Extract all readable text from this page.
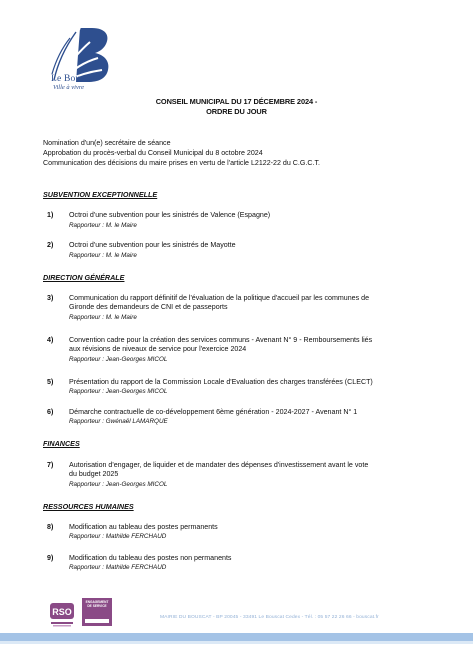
Le Bouscat
Ville à vivre
CONSEIL MUNICIPAL DU 17 DÉCEMBRE 2024 -
ORDRE DU JOUR
Nomination d'un(e) secrétaire de séance
Approbation du procès-verbal du Conseil Municipal du 8 octobre 2024
Communication des décisions du maire prises en vertu de l'article L2122-22 du C.G.C.T.
SUBVENTION EXCEPTIONNELLE
1) Octroi d'une subvention pour les sinistrés de Valence (Espagne)
Rapporteur : M. le Maire
2) Octroi d'une subvention pour les sinistrés de Mayotte
Rapporteur : M. le Maire
DIRECTION GÉNÉRALE
3) Communication du rapport définitif de l'évaluation de la politique d'accueil par les communes de
Gironde des demandeurs de CNI et de passeports
Rapporteur : M. le Maire
4) Convention cadre pour la création des services communs - Avenant N° 9 - Remboursements liés
aux révisions de niveaux de service pour l'exercice 2024
Rapporteur : Jean-Georges MICOL
5) Présentation du rapport de la Commission Locale d'Evaluation des charges transférées (CLECT)
Rapporteur : Jean-Georges MICOL
6) Démarche contractuelle de co-développement 6ème génération - 2024-2027 - Avenant N° 1
Rapporteur : Gwénaël LAMARQUE
FINANCES
7) Autorisation d'engager, de liquider et de mandater des dépenses d'investissement avant le vote
du budget 2025
Rapporteur : Jean-Georges MICOL
RESSOURCES HUMAINES
8) Modification au tableau des postes permanents
Rapporteur : Mathilde FERCHAUD
9) Modification du tableau des postes non permanents
Rapporteur : Mathilde FERCHAUD
RSO
ENGAGEMENT DE SERVICE
MAIRIE DU BOUSCAT - BP 20045 - 33491 Le Bouscat Cedex - Tél. : 05 57 22 26 66 - bouscat.fr
